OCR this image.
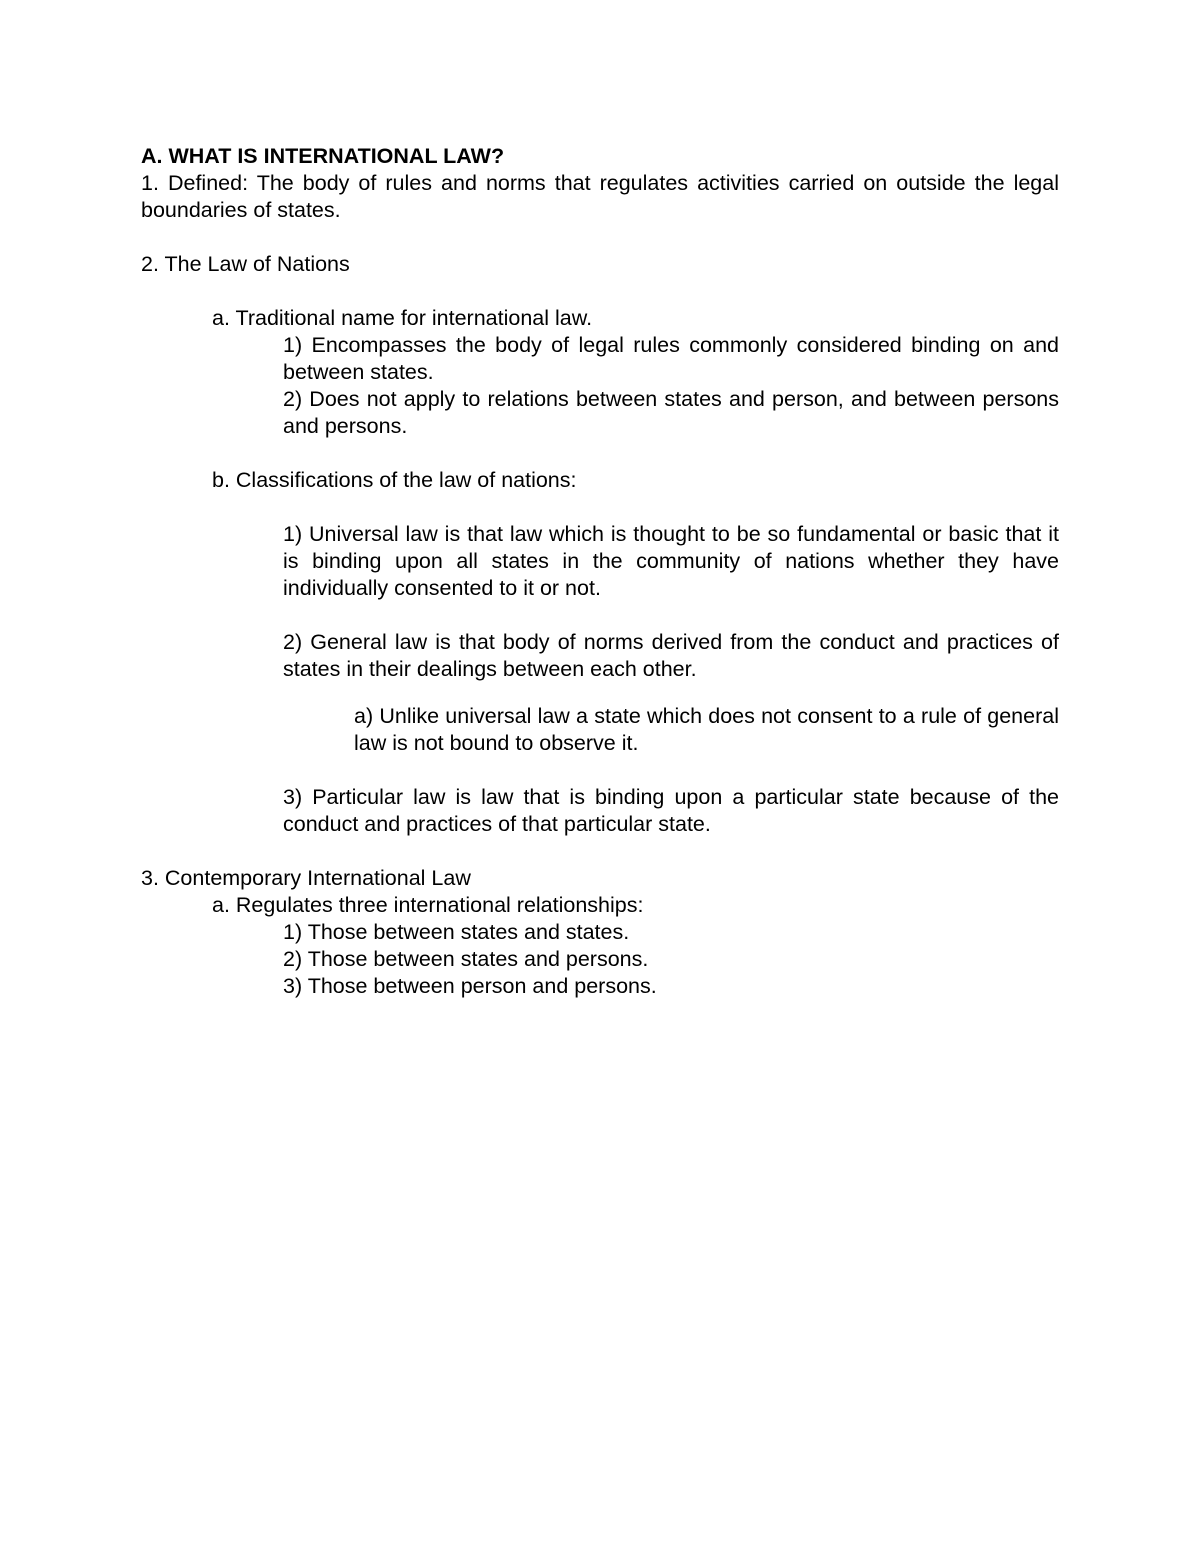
A. WHAT IS INTERNATIONAL LAW?

1. Defined: The body of rules and norms that regulates activities carried on outside the legal boundaries of states.

2. The Law of Nations

a. Traditional name for international law.

1) Encompasses the body of legal rules commonly considered binding on and between states.

2) Does not apply to relations between states and person, and between persons and persons.

b. Classifications of the law of nations:

1) Universal law is that law which is thought to be so fundamental or basic that it is binding upon all states in the community of nations whether they have individually consented to it or not.

2) General law is that body of norms derived from the conduct and practices of states in their dealings between each other.

a) Unlike universal law a state which does not consent to a rule of general law is not bound to observe it.

3) Particular law is law that is binding upon a particular state because of the conduct and practices of that particular state.

3. Contemporary International Law

a. Regulates three international relationships:

1) Those between states and states.

2) Those between states and persons.

3) Those between person and persons.
